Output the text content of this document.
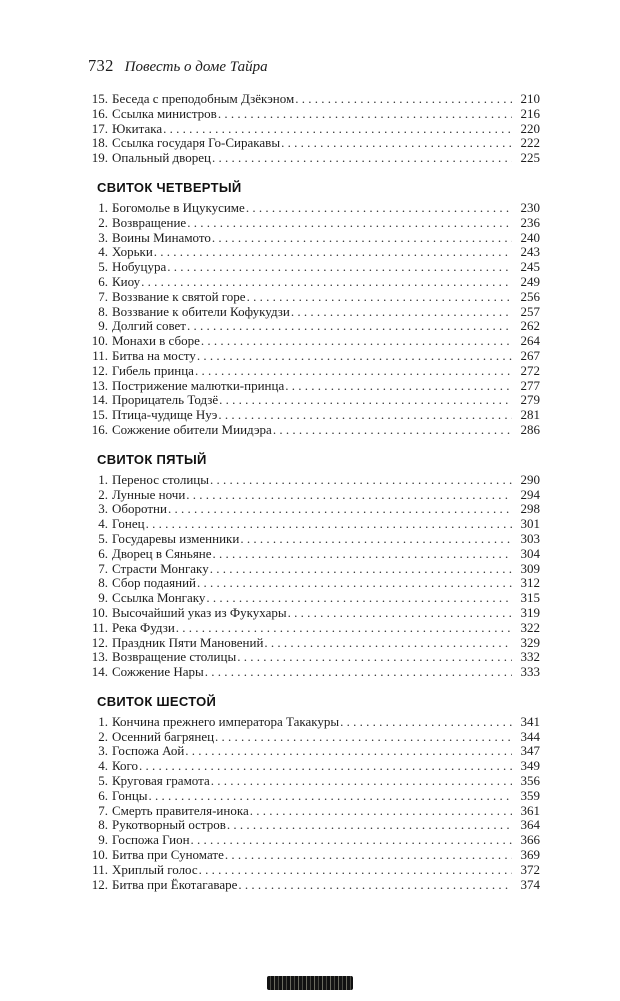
732 Повесть о доме Тайра
15. Беседа с преподобным Дзёкэном . . .	210
16. Ссылка министров . . .	216
17. Юкитака . . .	220
18. Ссылка государя Го-Сиракавы . . .	222
19. Опальный дворец . . .	225
СВИТОК ЧЕТВЕРТЫЙ
1. Богомолье в Ицукусиме . . .	230
2. Возвращение . . .	236
3. Воины Минамото . . .	240
4. Хорьки . . .	243
5. Нобуцура . . .	245
6. Киоу . . .	249
7. Воззвание к святой горе . . .	256
8. Воззвание к обители Кофукудзи . . .	257
9. Долгий совет . . .	262
10. Монахи в сборе . . .	264
11. Битва на мосту . . .	267
12. Гибель принца . . .	272
13. Пострижение малютки-принца . . .	277
14. Прорицатель Тодзё . . .	279
15. Птица-чудище Нуэ . . .	281
16. Сожжение обители Миидэра . . .	286
СВИТОК ПЯТЫЙ
1. Перенос столицы . . .	290
2. Лунные ночи . . .	294
3. Оборотни . . .	298
4. Гонец . . .	301
5. Государевы изменники . . .	303
6. Дворец в Сяньяне . . .	304
7. Страсти Монгаку . . .	309
8. Сбор подаяний . . .	312
9. Ссылка Монгаку . . .	315
10. Высочайший указ из Фукухары . . .	319
11. Река Фудзи . . .	322
12. Праздник Пяти Мановений . . .	329
13. Возвращение столицы . . .	332
14. Сожжение Нары . . .	333
СВИТОК ШЕСТОЙ
1. Кончина прежнего императора Такакуры . . .	341
2. Осенний багрянец . . .	344
3. Госпожа Аой . . .	347
4. Кого . . .	349
5. Круговая грамота . . .	356
6. Гонцы . . .	359
7. Смерть правителя-инока . . .	361
8. Рукотворный остров . . .	364
9. Госпожа Гион . . .	366
10. Битва при Суномате . . .	369
11. Хриплый голос . . .	372
12. Битва при Ёкотагаваре . . .	374
